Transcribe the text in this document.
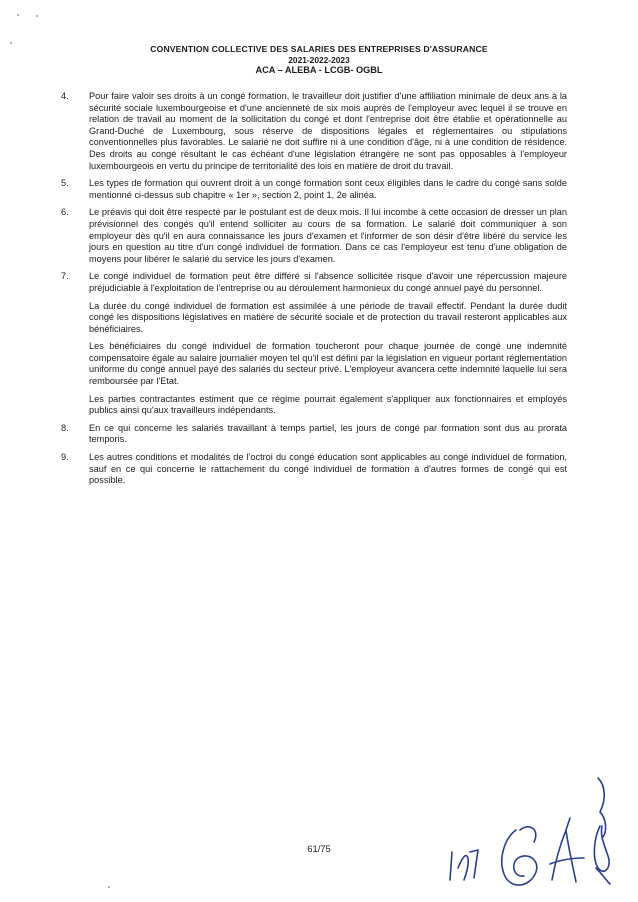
CONVENTION COLLECTIVE DES SALARIES DES ENTREPRISES D'ASSURANCE
2021-2022-2023
ACA – ALEBA - LCGB- OGBL
4. Pour faire valoir ses droits à un congé formation, le travailleur doit justifier d'une affiliation minimale de deux ans à la sécurité sociale luxembourgeoise et d'une ancienneté de six mois auprès de l'employeur avec lequel il se trouve en relation de travail au moment de la sollicitation du congé et dont l'entreprise doit être établie et opérationnelle au Grand-Duché de Luxembourg, sous réserve de dispositions légales et réglementaires ou stipulations conventionnelles plus favorables. Le salarié ne doit suffire ni à une condition d'âge, ni à une condition de résidence. Des droits au congé résultant le cas échéant d'une législation étrangère ne sont pas opposables à l'employeur luxembourgeois en vertu du principe de territorialité des lois en matière de droit du travail.

5. Les types de formation qui ouvrent droit à un congé formation sont ceux éligibles dans le cadre du congé sans solde mentionné ci-dessus sub chapitre « 1er », section 2, point 1, 2e alinéa.

6. Le préavis qui doit être respecté par le postulant est de deux mois. Il lui incombe à cette occasion de dresser un plan prévisionnel des congés qu'il entend solliciter au cours de sa formation. Le salarié doit communiquer à son employeur dès qu'il en aura connaissance les jours d'examen et l'informer de son désir d'être libéré du service les jours en question au titre d'un congé individuel de formation. Dans ce cas l'employeur est tenu d'une obligation de moyens pour libérer le salarié du service les jours d'examen.

7. Le congé individuel de formation peut être différé si l'absence sollicitée risque d'avoir une répercussion majeure préjudiciable à l'exploitation de l'entreprise ou au déroulement harmonieux du congé annuel payé du personnel.

La durée du congé individuel de formation est assimilée à une période de travail effectif. Pendant la durée dudit congé les dispositions législatives en matière de sécurité sociale et de protection du travail resteront applicables aux bénéficiaires.

Les bénéficiaires du congé individuel de formation toucheront pour chaque journée de congé une indemnité compensatoire égale au salaire journalier moyen tel qu'il est défini par la législation en vigueur portant réglementation uniforme du congé annuel payé des salariés du secteur privé. L'employeur avancera cette indemnité laquelle lui sera remboursée par l'Etat.

Les parties contractantes estiment que ce régime pourrait également s'appliquer aux fonctionnaires et employés publics ainsi qu'aux travailleurs indépendants.

8. En ce qui concerne les salariés travaillant à temps partiel, les jours de congé par formation sont dus au prorata temporis.

9. Les autres conditions et modalités de l'octroi du congé éducation sont applicables au congé individuel de formation, sauf en ce qui concerne le rattachement du congé individuel de formation à d'autres formes de congé qui est possible.

61/75
